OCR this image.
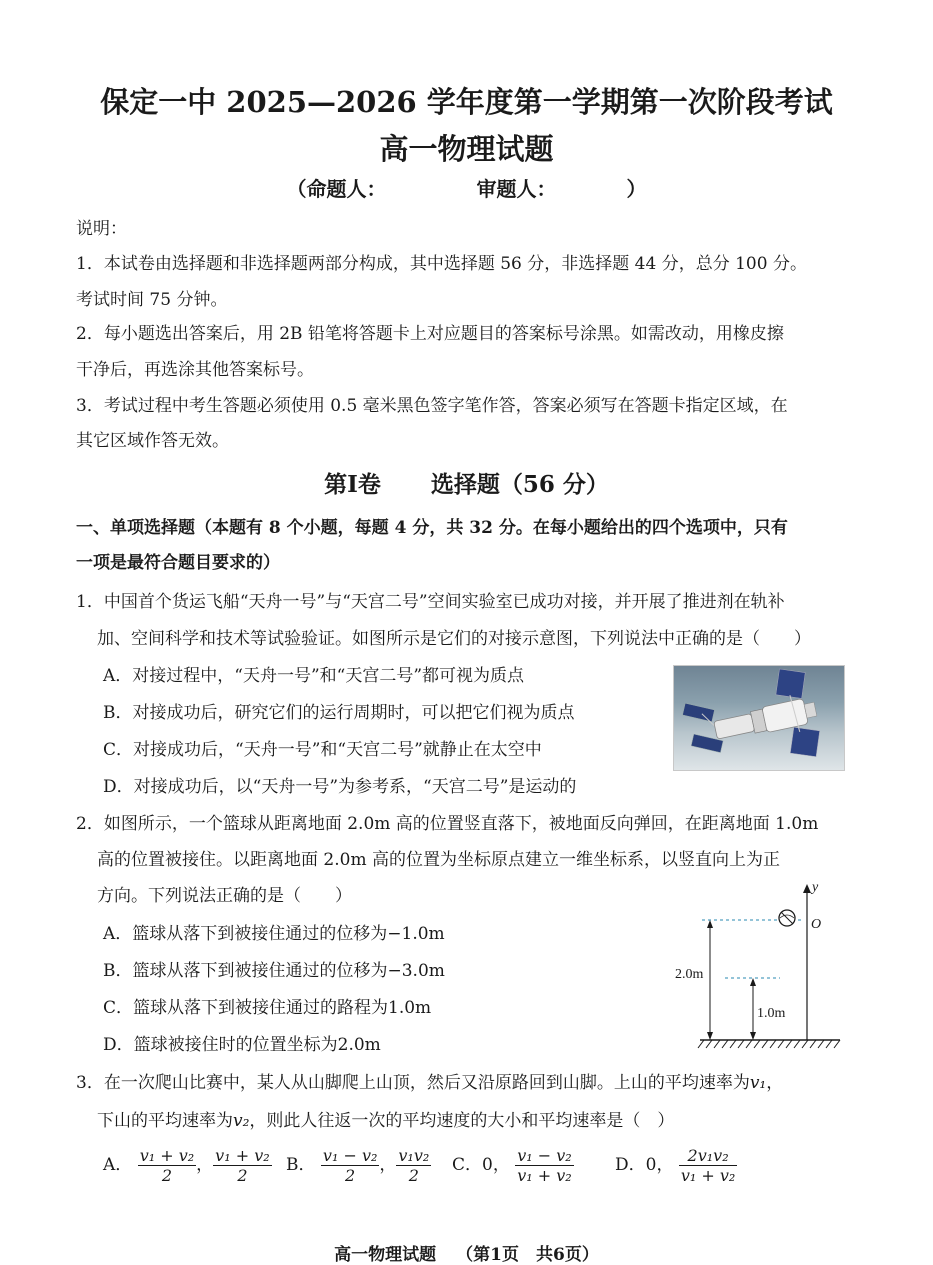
保定一中 2025—2026 学年度第一学期第一次阶段考试
高一物理试题
（命题人：	审题人：	）
说明：
1．本试卷由选择题和非选择题两部分构成，其中选择题 56 分，非选择题 44 分，总分 100 分。
考试时间 75 分钟。
2．每小题选出答案后，用 2B 铅笔将答题卡上对应题目的答案标号涂黑。如需改动，用橡皮擦
干净后，再选涂其他答案标号。
3．考试过程中考生答题必须使用 0.5 毫米黑色签字笔作答，答案必须写在答题卡指定区域，在
其它区域作答无效。
第Ⅰ卷 选择题（56 分）
一、单项选择题（本题有 8 个小题，每题 4 分，共 32 分。在每小题给出的四个选项中，只有
一项是最符合题目要求的）
1．中国首个货运飞船“天舟一号”与“天宫二号”空间实验室已成功对接，并开展了推进剂在轨补
加、空间科学和技术等试验验证。如图所示是它们的对接示意图，下列说法中正确的是（　　）
A．对接过程中，“天舟一号”和“天宫二号”都可视为质点
B．对接成功后，研究它们的运行周期时，可以把它们视为质点
C．对接成功后，“天舟一号”和“天宫二号”就静止在太空中
D．对接成功后，以“天舟一号”为参考系，“天宫二号”是运动的
2．如图所示，一个篮球从距离地面 2.0m 高的位置竖直落下，被地面反向弹回，在距离地面 1.0m
高的位置被接住。以距离地面 2.0m 高的位置为坐标原点建立一维坐标系，以竖直向上为正
方向。下列说法正确的是（　　）
A．篮球从落下到被接住通过的位移为−1.0m
B．篮球从落下到被接住通过的位移为−3.0m
C．篮球从落下到被接住通过的路程为1.0m
D．篮球被接住时的位置坐标为2.0m
y
O
2.0m
1.0m
3．在一次爬山比赛中，某人从山脚爬上山顶，然后又沿原路回到山脚。上山的平均速率为v₁，
下山的平均速率为v₂，则此人往返一次的平均速度的大小和平均速率是（　）
A． $\frac{\text{v₁ + v₂}}{2}$ ， $\frac{\text{v₁ + v₂}}{2}$ B． $\frac{\text{v₁ − v₂}}{2}$ ， $\frac{\text{v₁v₂}}{2}$ C．0， $\frac{\text{v₁ − v₂}}{\text{v₁ + v₂}}$ D．0， $\frac{\text{2v₁v₂}}{\text{v₁ + v₂}}$
高一物理试题 （第1页　共6页）
